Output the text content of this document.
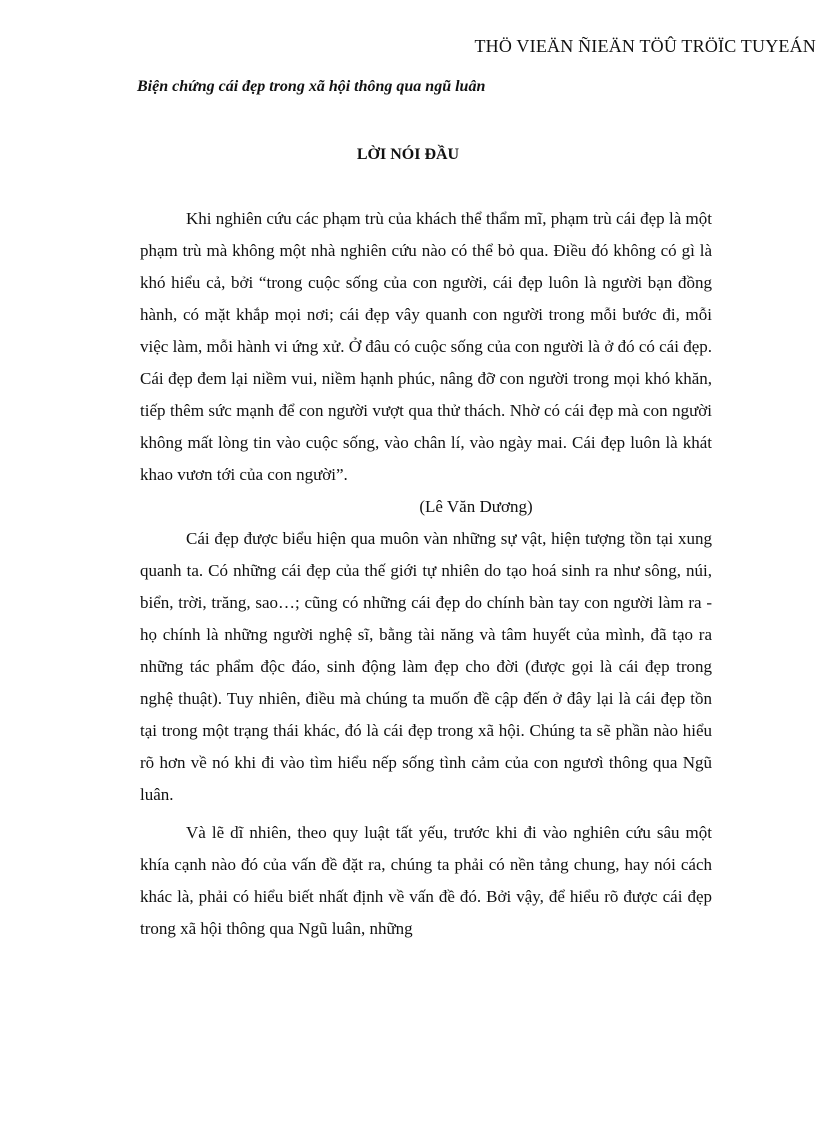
THÖ VIEÄN ÑIEÄN TÖÛ TRÖÏC TUYEÁN
Biện chứng cái đẹp trong xã hội thông qua ngũ luân
LỜI NÓI ĐẦU

Khi nghiên cứu các phạm trù của khách thể thẩm mĩ, phạm trù cái đẹp là một phạm trù mà không một nhà nghiên cứu nào có thể bỏ qua. Điều đó không có gì là khó hiểu cả, bởi “trong cuộc sống của con người, cái đẹp luôn là người bạn đồng hành, có mặt khắp mọi nơi; cái đẹp vây quanh con người trong mỗi bước đi, mỗi việc làm, mỗi hành vi ứng xử. Ở đâu có cuộc sống của con người là ở đó có cái đẹp. Cái đẹp đem lại niềm vui, niềm hạnh phúc, nâng đỡ con người trong mọi khó khăn, tiếp thêm sức mạnh để con người vượt qua thử thách. Nhờ có cái đẹp mà con người không mất lòng tin vào cuộc sống, vào chân lí, vào ngày mai. Cái đẹp luôn là khát khao vươn tới của con người”.

(Lê Văn Dương)

Cái đẹp được biểu hiện qua muôn vàn những sự vật, hiện tượng tồn tại xung quanh ta. Có những cái đẹp của thế giới tự nhiên do tạo hoá sinh ra như sông, núi, biển, trời, trăng, sao…; cũng có những cái đẹp do chính bàn tay con người làm ra - họ chính là những người nghệ sĩ, bằng tài năng và tâm huyết của mình, đã tạo ra những tác phẩm độc đáo, sinh động làm đẹp cho đời (được gọi là cái đẹp trong nghệ thuật). Tuy nhiên, điều mà chúng ta muốn đề cập đến ở đây lại là cái đẹp tồn tại trong một trạng thái khác, đó là cái đẹp trong xã hội. Chúng ta sẽ phần nào hiểu rõ hơn về nó khi đi vào tìm hiểu nếp sống tình cảm của con ngươì thông qua Ngũ luân.

Và lẽ dĩ nhiên, theo quy luật tất yếu, trước khi đi vào nghiên cứu sâu một khía cạnh nào đó của vấn đề đặt ra, chúng ta phải có nền tảng chung, hay nói cách khác là, phải có hiểu biết nhất định về vấn đề đó. Bởi vậy, để hiểu rõ được cái đẹp trong xã hội thông qua Ngũ luân, những
